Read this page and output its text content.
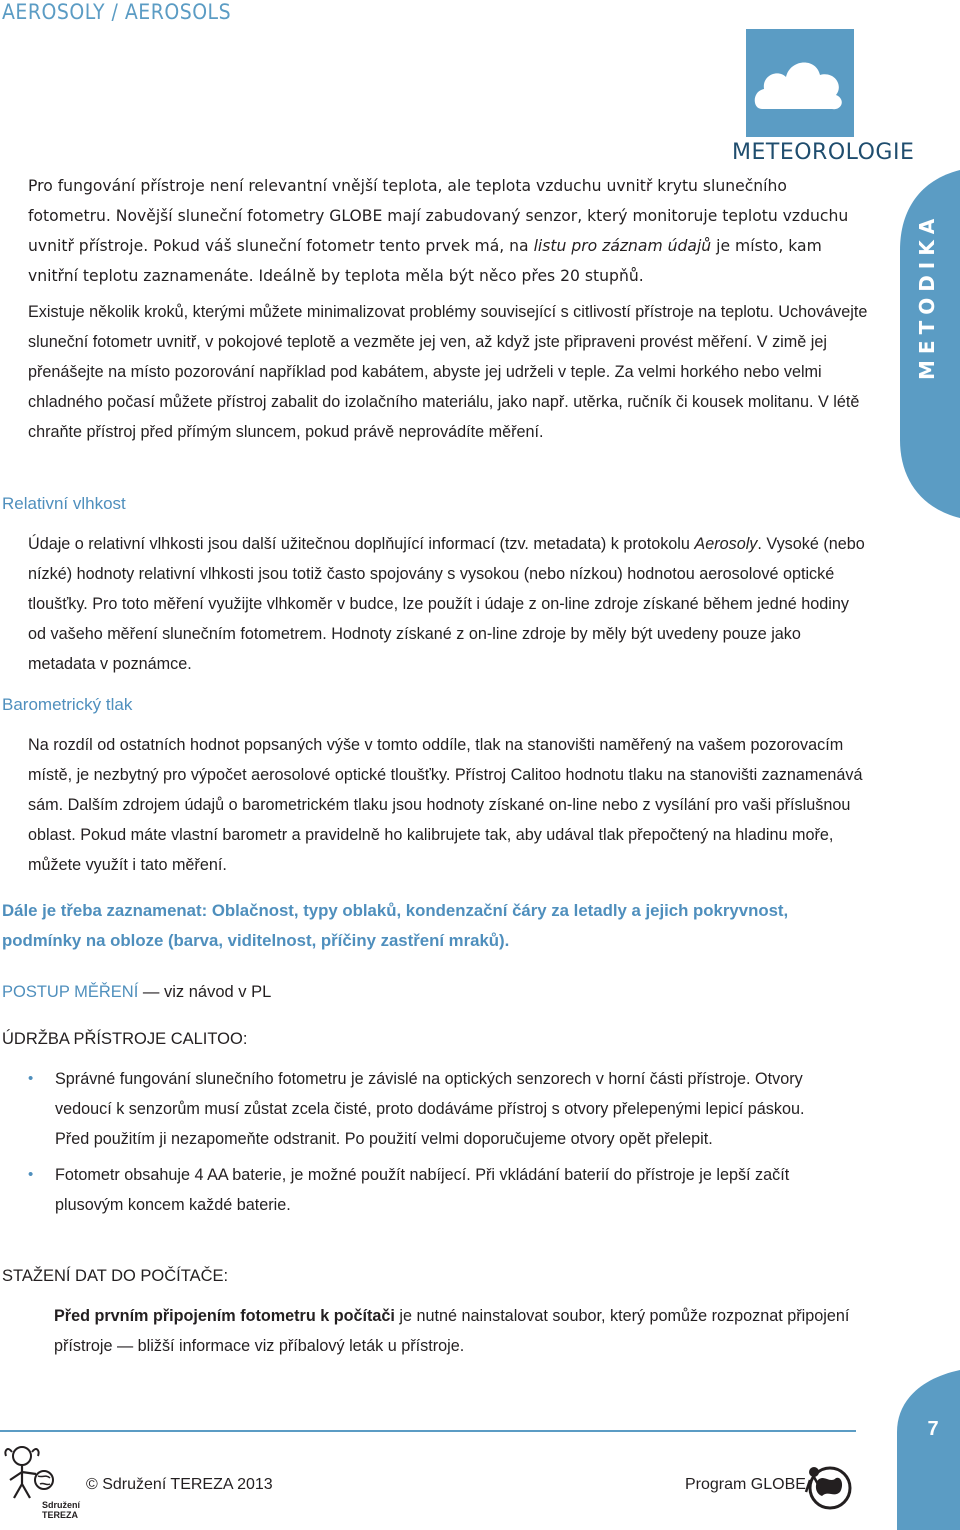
AEROSOLY / AEROSOLS
METEOROLOGIE

Pro fungování přístroje není relevantní vnější teplota, ale teplota vzduchu uvnitř krytu slunečního fotometru. Novější sluneční fotometry GLOBE mají zabudovaný senzor, který monitoruje teplotu vzduchu uvnitř přístroje. Pokud váš sluneční fotometr tento prvek má, na listu pro záznam údajů je místo, kam vnitřní teplotu zaznamenáte. Ideálně by teplota měla být něco přes 20 stupňů.

Existuje několik kroků, kterými můžete minimalizovat problémy související s citlivostí přístroje na teplotu. Uchovávejte sluneční fotometr uvnitř, v pokojové teplotě a vezměte jej ven, až když jste připraveni provést měření. V zimě jej přenášejte na místo pozorování například pod kabátem, abyste jej udrželi v teple. Za velmi horkého nebo velmi chladného počasí můžete přístroj zabalit do izolačního materiálu, jako např. utěrka, ručník či kousek molitanu. V létě chraňte přístroj před přímým sluncem, pokud právě neprovádíte měření.

Relativní vlhkost

Údaje o relativní vlhkosti jsou další užitečnou doplňující informací (tzv. metadata) k protokolu Aerosoly. Vysoké (nebo nízké) hodnoty relativní vlhkosti jsou totiž často spojovány s vysokou (nebo nízkou) hodnotou aerosolové optické tloušťky. Pro toto měření využijte vlhkoměr v budce, lze použít i údaje z on-line zdroje získané během jedné hodiny od vašeho měření slunečním fotometrem. Hodnoty získané z on-line zdroje by měly být uvedeny pouze jako metadata v poznámce.

Barometrický tlak

Na rozdíl od ostatních hodnot popsaných výše v tomto oddíle, tlak na stanovišti naměřený na vašem pozorovacím místě, je nezbytný pro výpočet aerosolové optické tloušťky. Přístroj Calitoo hodnotu tlaku na stanovišti zaznamenává sám. Dalším zdrojem údajů o barometrickém tlaku jsou hodnoty získané on-line nebo z vysílání pro vaši příslušnou oblast. Pokud máte vlastní barometr a pravidelně ho kalibrujete tak, aby udával tlak přepočtený na hladinu moře, můžete využít i tato měření.

Dále je třeba zaznamenat: Oblačnost, typy oblaků, kondenzační čáry za letadly a jejich pokryvnost, podmínky na obloze (barva, viditelnost, příčiny zastření mraků).
POSTUP MĚŘENÍ — viz návod v PL
ÚDRŽBA PŘÍSTROJE CALITOO:
• Správné fungování slunečního fotometru je závislé na optických senzorech v horní části přístroje. Otvory vedoucí k senzorům musí zůstat zcela čisté, proto dodáváme přístroj s otvory přelepenými lepicí páskou. Před použitím ji nezapomeňte odstranit. Po použití velmi doporučujeme otvory opět přelepit.
• Fotometr obsahuje 4 AA baterie, je možné použít nabíjecí. Při vkládání baterií do přístroje je lepší začít plusovým koncem každé baterie.
STAŽENÍ DAT DO POČÍTAČE:

Před prvním připojením fotometru k počítači je nutné nainstalovat soubor, který pomůže rozpoznat připojení přístroje — bližší informace viz příbalový leták u přístroje.

7
Sdružení
TEREZA
© Sdružení TEREZA 2013	Program GLOBE
